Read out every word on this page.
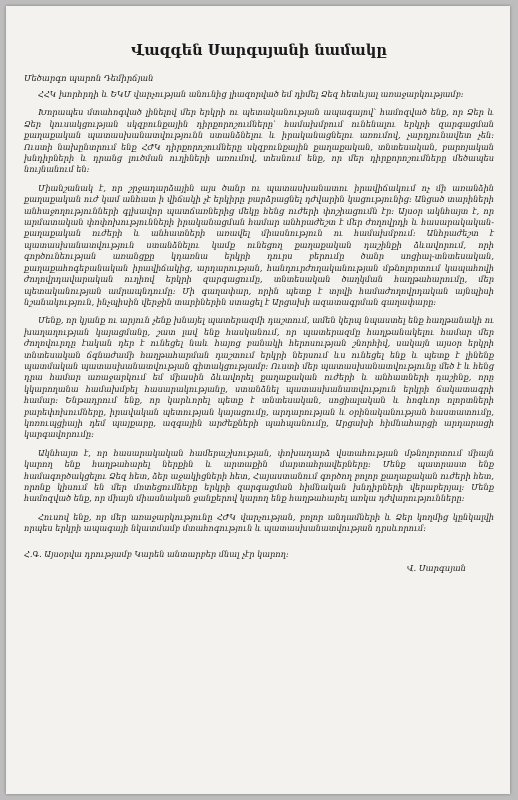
Վազգեն Սարգսյանի նամակը
Մեծարգո պարոն Դեմիրճյան

ՀՀԿ խորհրդի և ԵԿՄ վարչության անունից լիազորված եմ դիմել Ձեզ հետևյալ առաջարկությամբ:

Խորապես մտահոգված լինելով մեր երկրի ու պետականության ապագայով՝ համոզված ենք, որ Ձեր և Ձեր կուսակցության սկզբունքային դիրքորոշումները՝ համախմբում ունենալու երկրի զարգացման քաղաքական պատասխանատվությունն ստանձնելու և իրականացնելու առումով, չարդյունավետ չեն: Ուստի նախընտրում ենք ՀԺԿ դիրքորոշումները սկզբունքային քաղաքական, տնտեսական, բարոյական խնդիրների և դրանց լուծման ուղիների առումով, տեսնում ենք, որ մեր դիրքորոշումները մեծապես նույնանում են:

Միանշանակ է, որ շրջադարձային այս ծանր ու պատասխանատու իրավիճակում ոչ մի առանձին քաղաքական ուժ կամ անհատ ի վիճակի չէ երկիրը բարձրացնել դժվարին կացությունից: Անցած տարիների անհաջողությունների գլխավոր պատճառներից մեկը հենց ուժերի փոշիացումն էր: Այսօր ակնհայտ է, որ արմատական փոփոխությունների իրականացման համար անհրաժեշտ է մեր ժողովրդի և հասարակական-քաղաքական ուժերի և անհատների առավել միասնություն ու համախմբում: Անհրաժեշտ է պատասխանատվություն ստանձնելու կամք ունեցող քաղաքական դաշինքի ձևավորում, որի գործունեության առանցքը կդառնա երկրի դուրս բերումը ծանր սոցիալ-տնտեսական, քաղաքահոգեբանական իրավիճակից, արդարության, հանդուրժողականության մթնոլորտում կապահովի ժողովրդավարական ուղիով երկրի զարգացումը, տնտեսական ծաղկման հաղթահարումը, մեր պետականության ամրապնդումը: Մի գաղափար, որին պետք է տրվի համաժողովրդական այնպիսի նշանակություն, ինչպիսին վերջին տարիներին ստացել է Արցախի ազատագրման գաղափարը:

Մենք, որ կյանք ու արյուն չենք խնայել պատերազմի դաշտում, ամեն կերպ նպաստել ենք հաղթանակի ու խաղաղության կայացմանը, շատ լավ ենք հասկանում, որ պատերազմը հաղթանակելու համար մեր ժողովուրդը էական դեր է ունեցել նաև հայոց բանակի հերոսության շնորհիվ, սակայն այսօր երկրի տնտեսական ճգնաժամի հաղթահարման դաշտում երկրի ներսում ևս ունեցել ենք և պետք է լինենք պատմական պատասխանատվության գիտակցությամբ: Ուստի մեր պատասխանատվությունը մեծ է և հենց դրա համար առաջարկում եմ միասին ձևավորել քաղաքական ուժերի և անհատների դաշինք, որը կկարողանա համախմբել հասարակությանը, ստանձնել պատասխանատվություն երկրի ճակատագրի համար: Ենթադրում ենք, որ կարևորել պետք է տնտեսական, սոցիալական և հոգևոր ոլորտների բարեփոխումները, իրավական պետության կայացումը, արդարության և օրինականության հաստատումը, կոռուպցիայի դեմ պայքարը, ազգային արժեքների պահպանումը, Արցախի հիմնահարցի արդարացի կարգավորումը:

Ակնհայտ է, որ հասարակական համերաշխության, փոխադարձ վստահության մթնոլորտում միայն կարող ենք հաղթահարել ներքին և արտաքին մարտահրավերները: Մենք պատրաստ ենք համագործակցելու Ձեզ հետ, ձեր աջակիցների հետ, Հայաստանում գործող բոլոր քաղաքական ուժերի հետ, որոնք կիսում են մեր մոտեցումները երկրի զարգացման հիմնական խնդիրների վերաբերյալ: Մենք համոզված ենք, որ միայն միասնական ջանքերով կարող ենք հաղթահարել առկա դժվարությունները:

Հուսով ենք, որ մեր առաջարկությունը ՀԺԿ վարչության, բոլոր անդամների և Ձեր կողմից կընկալվի որպես երկրի ապագայի նկատմամբ մտահոգություն և պատասխանատվության դրսևորում:

Հ.Գ. Այսօրվա դրությամբ Կարեն անտարբեր մնալ չէր կարող:
Վ. Սարգսյան
